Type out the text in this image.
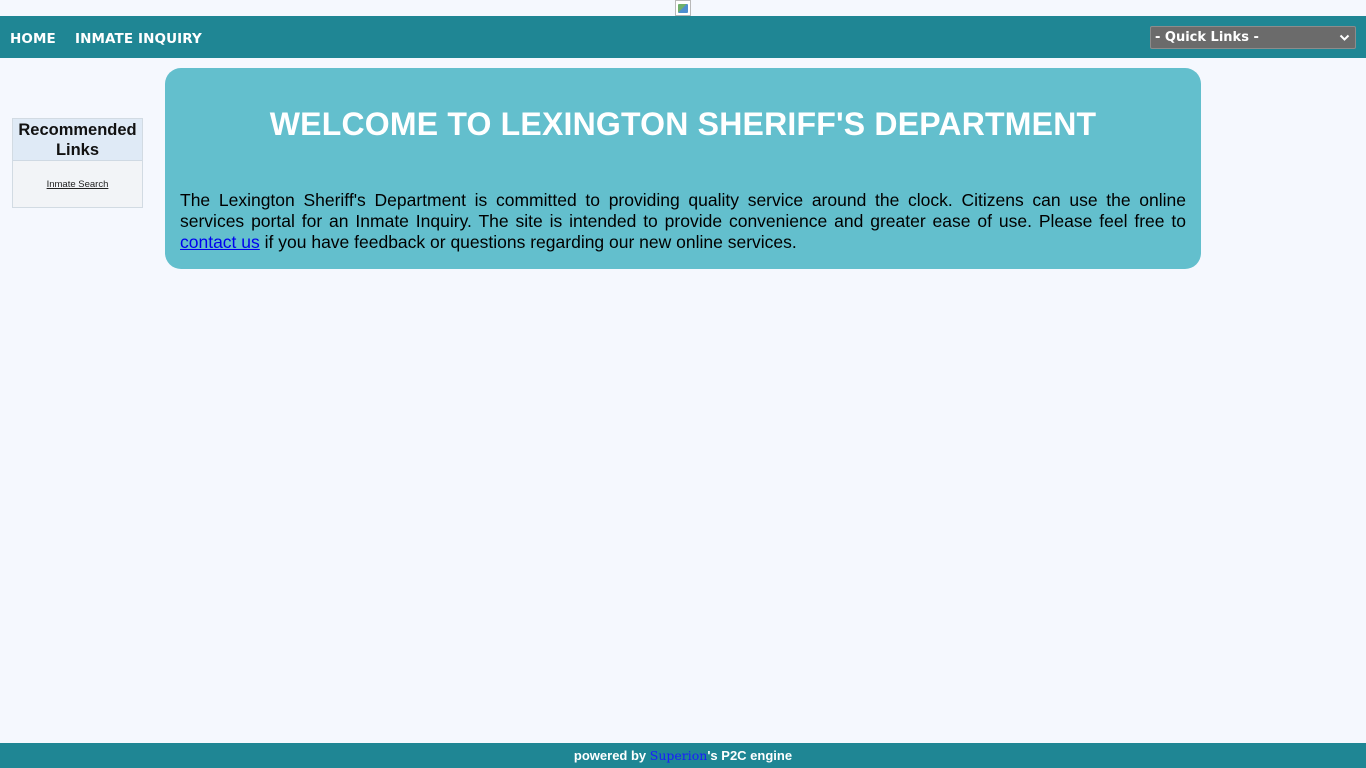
HOME INMATE INQUIRY	- Quick Links -
Recommended Links
Inmate Search
WELCOME TO LEXINGTON SHERIFF'S DEPARTMENT

The Lexington Sheriff's Department is committed to providing quality service around the clock. Citizens can use the online services portal for an Inmate Inquiry. The site is intended to provide convenience and greater ease of use. Please feel free to contact us if you have feedback or questions regarding our new online services.

powered by Superion's P2C engine
